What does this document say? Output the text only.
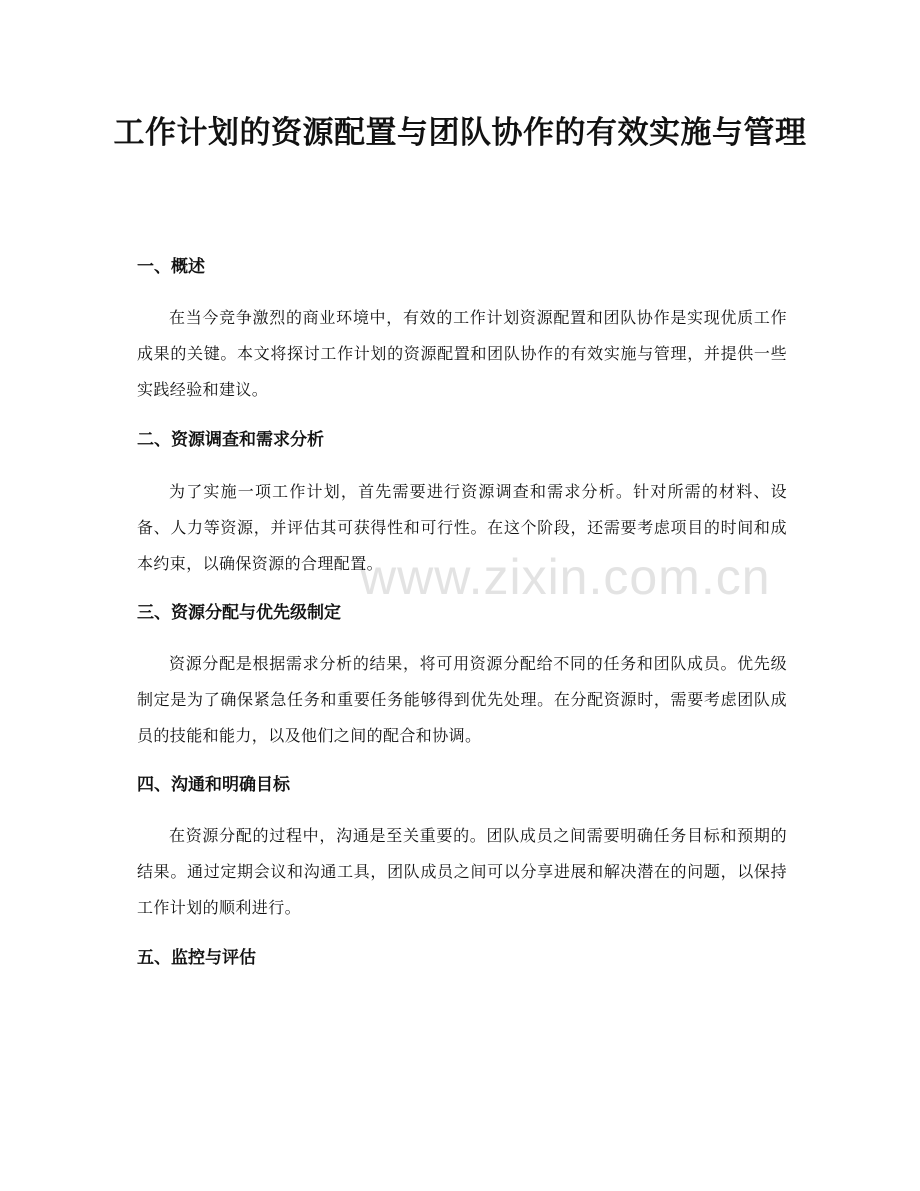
www.zixin.com.cn
工作计划的资源配置与团队协作的有效实施与管理
一、概述

在当今竞争激烈的商业环境中，有效的工作计划资源配置和团队协作是实现优质工作成果的关键。本文将探讨工作计划的资源配置和团队协作的有效实施与管理，并提供一些实践经验和建议。

二、资源调查和需求分析

为了实施一项工作计划，首先需要进行资源调查和需求分析。针对所需的材料、设备、人力等资源，并评估其可获得性和可行性。在这个阶段，还需要考虑项目的时间和成本约束，以确保资源的合理配置。

三、资源分配与优先级制定

资源分配是根据需求分析的结果，将可用资源分配给不同的任务和团队成员。优先级制定是为了确保紧急任务和重要任务能够得到优先处理。在分配资源时，需要考虑团队成员的技能和能力，以及他们之间的配合和协调。

四、沟通和明确目标

在资源分配的过程中，沟通是至关重要的。团队成员之间需要明确任务目标和预期的结果。通过定期会议和沟通工具，团队成员之间可以分享进展和解决潜在的问题，以保持工作计划的顺利进行。

五、监控与评估
